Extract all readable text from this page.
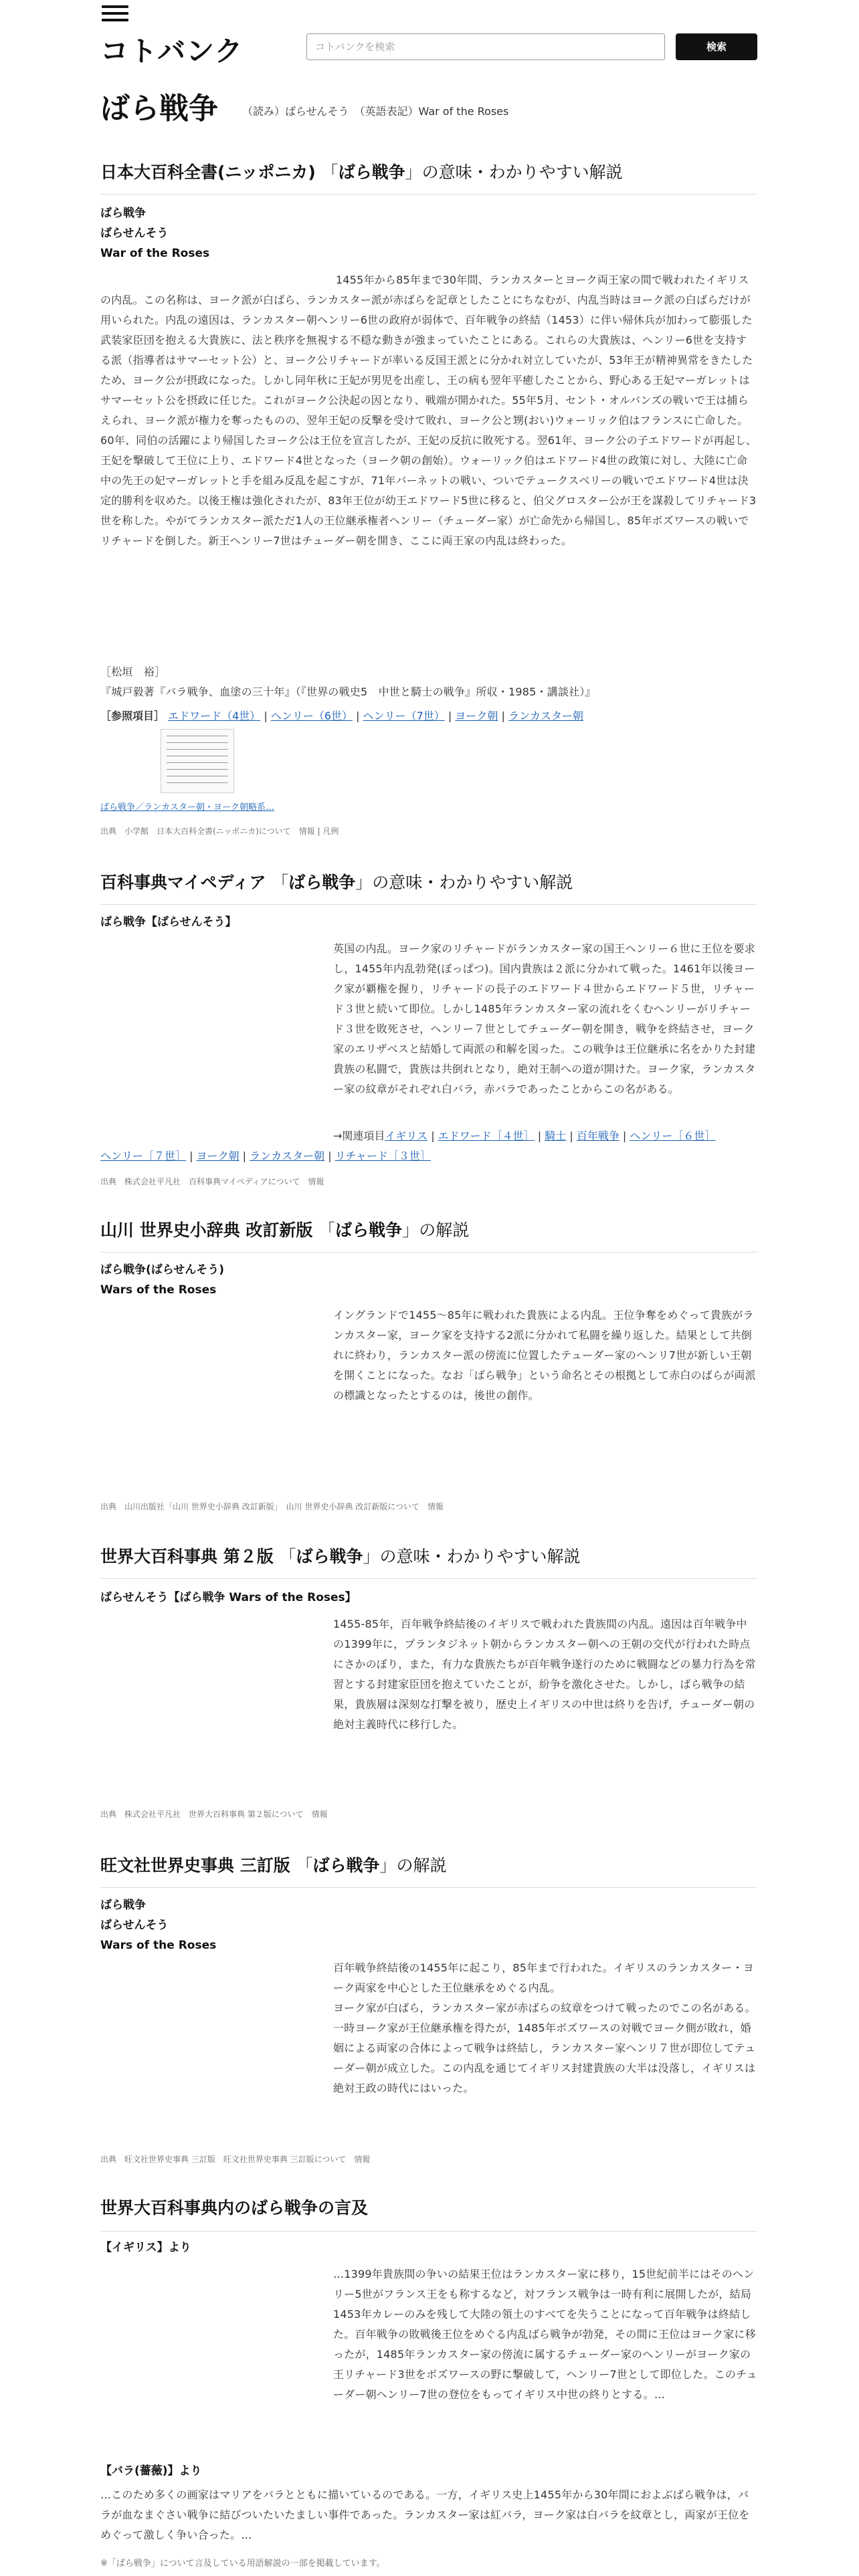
コトバンク	コトバンクを検索	検索
ばら戦争 （読み）ばらせんそう　（英語表記）War of the Roses
日本大百科全書(ニッポニカ) 「ばら戦争」の意味・わかりやすい解説
ばら戦争
ばらせんそう
War of the Roses
1455年から85年まで30年間、ランカスターとヨーク両王家の間で戦われたイギリスの内乱。この名称は、ヨーク派が白ばら、ランカスター派が赤ばらを記章としたことにちなむが、内乱当時はヨーク派の白ばらだけが用いられた。内乱の遠因は、ランカスター朝ヘンリー6世の政府が弱体で、百年戦争の終結（1453）に伴い帰休兵が加わって膨張した武装家臣団を抱える大貴族に、法と秩序を無視する不穏な動きが強まっていたことにある。これらの大貴族は、ヘンリー6世を支持する派（指導者はサマーセット公）と、ヨーク公リチャードが率いる反国王派とに分かれ対立していたが、53年王が精神異常をきたしたため、ヨーク公が摂政になった。しかし同年秋に王妃が男児を出産し、王の病も翌年平癒したことから、野心ある王妃マーガレットはサマーセット公を摂政に任じた。これがヨーク公決起の因となり、戦端が開かれた。55年5月、セント・オルバンズの戦いで王は捕らえられ、ヨーク派が権力を奪ったものの、翌年王妃の反撃を受けて敗れ、ヨーク公と甥(おい)ウォーリック伯はフランスに亡命した。60年、同伯の活躍により帰国したヨーク公は王位を宣言したが、王妃の反抗に敗死する。翌61年、ヨーク公の子エドワードが再起し、王妃を撃破して王位に上り、エドワード4世となった（ヨーク朝の創始）。ウォーリック伯はエドワード4世の政策に対し、大陸に亡命中の先王の妃マーガレットと手を組み反乱を起こすが、71年バーネットの戦い、ついでテュークスベリーの戦いでエドワード4世は決定的勝利を収めた。以後王権は強化されたが、83年王位が幼王エドワード5世に移ると、伯父グロスター公が王を謀殺してリチャード3世を称した。やがてランカスター派ただ1人の王位継承権者ヘンリー（チューダー家）が亡命先から帰国し、85年ボズワースの戦いでリチャードを倒した。新王ヘンリー7世はチューダー朝を開き、ここに両王家の内乱は終わった。
［松垣　裕］
『城戸毅著『バラ戦争、血塗の三十年』（『世界の戦史5　中世と騎士の戦争』所収・1985・講談社）』
［参照項目］ エドワード（4世） | ヘンリー（6世） | ヘンリー（7世） | ヨーク朝 | ランカスター朝
ばら戦争／ランカスター朝・ヨーク朝略系…
出典　小学館　日本大百科全書(ニッポニカ)について　情報 | 凡例
百科事典マイペディア 「ばら戦争」の意味・わかりやすい解説
ばら戦争【ばらせんそう】
英国の内乱。ヨーク家のリチャードがランカスター家の国王ヘンリー６世に王位を要求し，1455年内乱勃発(ぼっぱつ)。国内貴族は２派に分かれて戦った。1461年以後ヨーク家が覇権を握り，リチャードの長子のエドワード４世からエドワード５世，リチャード３世と続いて即位。しかし1485年ランカスター家の流れをくむヘンリーがリチャード３世を敗死させ，ヘンリー７世としてチューダー朝を開き，戦争を終結させ，ヨーク家のエリザベスと結婚して両派の和解を図った。この戦争は王位継承に名をかりた封建貴族の私闘で，貴族は共倒れとなり，絶対王制への道が開けた。ヨーク家，ランカスター家の紋章がそれぞれ白バラ，赤バラであったことからこの名がある。
→関連項目イギリス | エドワード［４世］ | 騎士 | 百年戦争 | ヘンリー［６世］
ヘンリー［７世］ | ヨーク朝 | ランカスター朝 | リチャード［３世］
出典　株式会社平凡社　百科事典マイペディアについて　情報
山川 世界史小辞典 改訂新版 「ばら戦争」の解説
ばら戦争(ばらせんそう)
Wars of the Roses
イングランドで1455～85年に戦われた貴族による内乱。王位争奪をめぐって貴族がランカスター家，ヨーク家を支持する2派に分かれて私闘を繰り返した。結果として共倒れに終わり，ランカスター派の傍流に位置したテューダー家のヘンリ7世が新しい王朝を開くことになった。なお「ばら戦争」という命名とその根拠として赤白のばらが両派の標識となったとするのは，後世の創作。
出典　山川出版社「山川 世界史小辞典 改訂新版」　山川 世界史小辞典 改訂新版について　情報
世界大百科事典 第２版 「ばら戦争」の意味・わかりやすい解説
ばらせんそう【ばら戦争 Wars of the Roses】
1455‐85年，百年戦争終結後のイギリスで戦われた貴族間の内乱。遠因は百年戦争中の1399年に，プランタジネット朝からランカスター朝への王朝の交代が行われた時点にさかのぼり，また，有力な貴族たちが百年戦争遂行のために戦闘などの暴力行為を常習とする封建家臣団を抱えていたことが，紛争を激化させた。しかし，ばら戦争の結果，貴族層は深刻な打撃を被り，歴史上イギリスの中世は終りを告げ，チューダー朝の絶対主義時代に移行した。
出典　株式会社平凡社　世界大百科事典 第２版について　情報
旺文社世界史事典 三訂版 「ばら戦争」の解説
ばら戦争
ばらせんそう
Wars of the Roses
百年戦争終結後の1455年に起こり，85年まで行われた。イギリスのランカスター・ヨーク両家を中心とした王位継承をめぐる内乱。
ヨーク家が白ばら，ランカスター家が赤ばらの紋章をつけて戦ったのでこの名がある。一時ヨーク家が王位継承権を得たが，1485年ボズワースの対戦でヨーク側が敗れ，婚姻による両家の合体によって戦争は終結し，ランカスター家ヘンリ７世が即位してテューダー朝が成立した。この内乱を通じてイギリス封建貴族の大半は没落し，イギリスは絶対王政の時代にはいった。
出典　旺文社世界史事典 三訂版　旺文社世界史事典 三訂版について　情報
世界大百科事典内のばら戦争の言及
【イギリス】より
…1399年貴族間の争いの結果王位はランカスター家に移り，15世紀前半にはそのヘンリー5世がフランス王をも称するなど，対フランス戦争は一時有利に展開したが，結局1453年カレーのみを残して大陸の領土のすべてを失うことになって百年戦争は終結した。百年戦争の敗戦後王位をめぐる内乱ばら戦争が勃発，その間に王位はヨーク家に移ったが，1485年ランカスター家の傍流に属するチューダー家のヘンリーがヨーク家の王リチャード3世をボズワースの野に撃破して，ヘンリー7世として即位した。このチューダー朝ヘンリー7世の登位をもってイギリス中世の終りとする。…
【バラ(薔薇)】より
…このため多くの画家はマリアをバラとともに描いているのである。一方，イギリス史上1455年から30年間におよぶばら戦争は，バラが血なまぐさい戦争に結びついたいたましい事件であった。ランカスター家は紅バラ，ヨーク家は白バラを紋章とし，両家が王位をめぐって激しく争い合った。…
※「ばら戦争」について言及している用語解説の一部を掲載しています。
